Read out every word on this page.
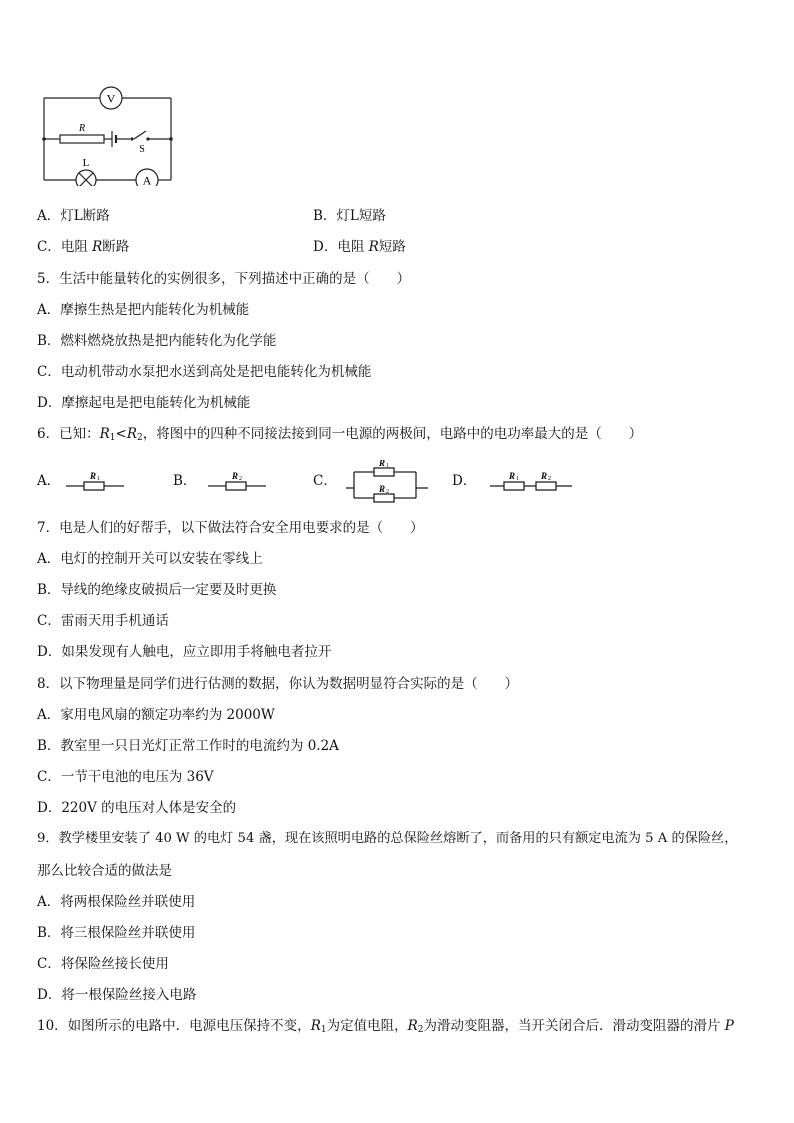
V
A
R
L
S
A．灯L断路	B．灯L短路
C．电阻 R断路	D．电阻 R短路
5．生活中能量转化的实例很多，下列描述中正确的是（　　）
A．摩擦生热是把内能转化为机械能
B．燃料燃烧放热是把内能转化为化学能
C．电动机带动水泵把水送到高处是把电能转化为机械能
D．摩擦起电是把电能转化为机械能
6．已知：$R_1<R_2$，将图中的四种不同接法接到同一电源的两极间，电路中的电功率最大的是（　　）
A．	R 1	B．	R 2	C．
R 1
R 2
D．	R 1 R 2
7．电是人们的好帮手，以下做法符合安全用电要求的是（　　）
A．电灯的控制开关可以安装在零线上
B．导线的绝缘皮破损后一定要及时更换
C．雷雨天用手机通话
D．如果发现有人触电，应立即用手将触电者拉开
8．以下物理量是同学们进行估测的数据，你认为数据明显符合实际的是（　　）
A．家用电风扇的额定功率约为 2000W
B．教室里一只日光灯正常工作时的电流约为 0.2A
C．一节干电池的电压为 36V
D．220V 的电压对人体是安全的
9．教学楼里安装了 40 W 的电灯 54 盏，现在该照明电路的总保险丝熔断了，而备用的只有额定电流为 5 A 的保险丝，
那么比较合适的做法是
A．将两根保险丝并联使用
B．将三根保险丝并联使用
C．将保险丝接长使用
D．将一根保险丝接入电路
10．如图所示的电路中．电源电压保持不变，$R_1$为定值电阻，$R_2$为滑动变阻器，当开关闭合后．滑动变阻器的滑片 P
